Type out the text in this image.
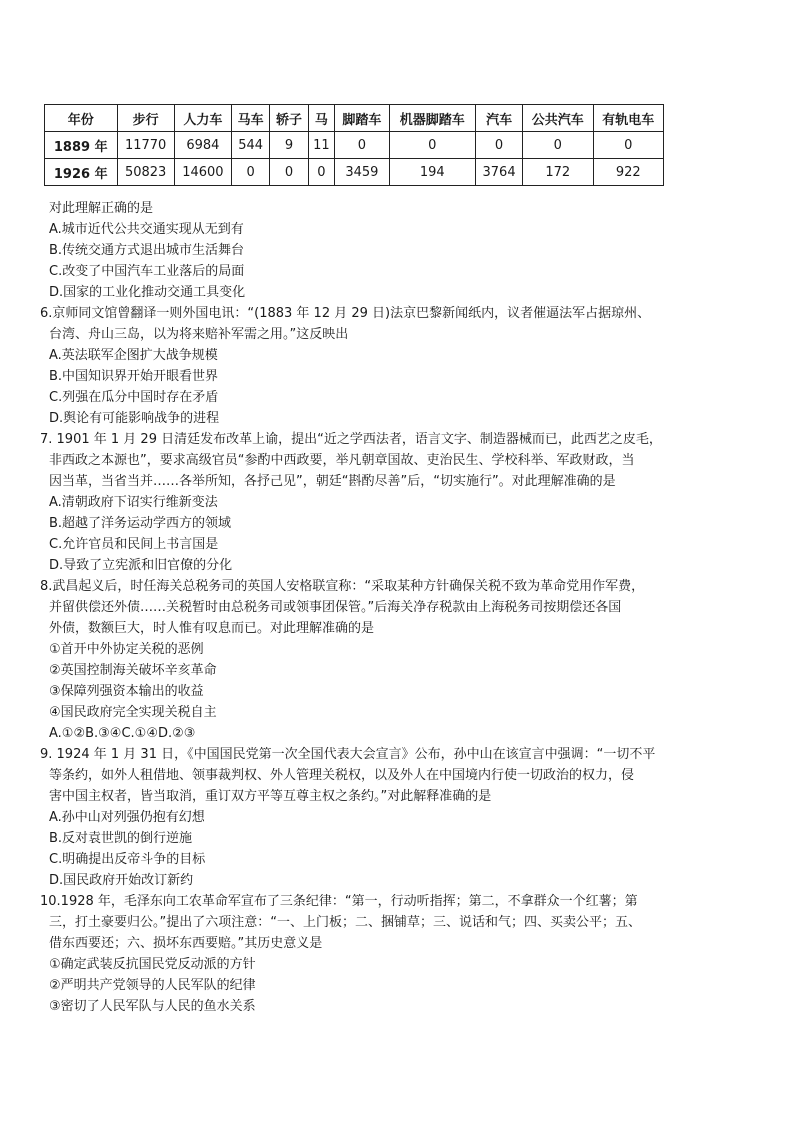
年份	步行	人力车	马车	轿子	马	脚踏车	机器脚踏车	汽车	公共汽车	有轨电车
1889 年	11770	6984	544	9	11	0	0	0	0	0
1926 年	50823	14600	0	0	0	3459	194	3764	172	922
对此理解正确的是
A.城市近代公共交通实现从无到有
B.传统交通方式退出城市生活舞台
C.改变了中国汽车工业落后的局面
D.国家的工业化推动交通工具变化
6.京师同文馆曾翻译一则外国电讯：“(1883 年 12 月 29 日)法京巴黎新闻纸内，议者催逼法军占据琼州、
台湾、舟山三岛，以为将来赔补军需之用。”这反映出
A.英法联军企图扩大战争规模
B.中国知识界开始开眼看世界
C.列强在瓜分中国时存在矛盾
D.舆论有可能影响战争的进程
7. 1901 年 1 月 29 日清廷发布改革上谕，提出“近之学西法者，语言文字、制造器械而已，此西艺之皮毛，
非西政之本源也”，要求高级官员“参酌中西政要，举凡朝章国故、吏治民生、学校科举、军政财政，当
因当革，当省当并……各举所知，各抒己见”，朝廷“斟酌尽善”后，“切实施行”。对此理解准确的是
A.清朝政府下诏实行维新变法
B.超越了洋务运动学西方的领域
C.允许官员和民间上书言国是
D.导致了立宪派和旧官僚的分化
8.武昌起义后，时任海关总税务司的英国人安格联宣称：“采取某种方针确保关税不致为革命党用作军费，
并留供偿还外债……关税暂时由总税务司或领事团保管。”后海关净存税款由上海税务司按期偿还各国
外债，数额巨大，时人惟有叹息而已。对此理解准确的是
①首开中外协定关税的恶例
②英国控制海关破坏辛亥革命
③保障列强资本输出的收益
④国民政府完全实现关税自主
A.①②B.③④C.①④D.②③
9. 1924 年 1 月 31 日，《中国国民党第一次全国代表大会宣言》公布，孙中山在该宣言中强调：“一切不平
等条约，如外人租借地、领事裁判权、外人管理关税权，以及外人在中国境内行使一切政治的权力，侵
害中国主权者，皆当取消，重订双方平等互尊主权之条约。”对此解释准确的是
A.孙中山对列强仍抱有幻想
B.反对袁世凯的倒行逆施
C.明确提出反帝斗争的目标
D.国民政府开始改订新约
10.1928 年，毛泽东向工农革命军宣布了三条纪律：“第一，行动听指挥；第二，不拿群众一个红薯；第
三，打土豪要归公。”提出了六项注意：“一、上门板；二、捆铺草；三、说话和气；四、买卖公平；五、
借东西要还；六、损坏东西要赔。”其历史意义是
①确定武装反抗国民党反动派的方针
②严明共产党领导的人民军队的纪律
③密切了人民军队与人民的鱼水关系
